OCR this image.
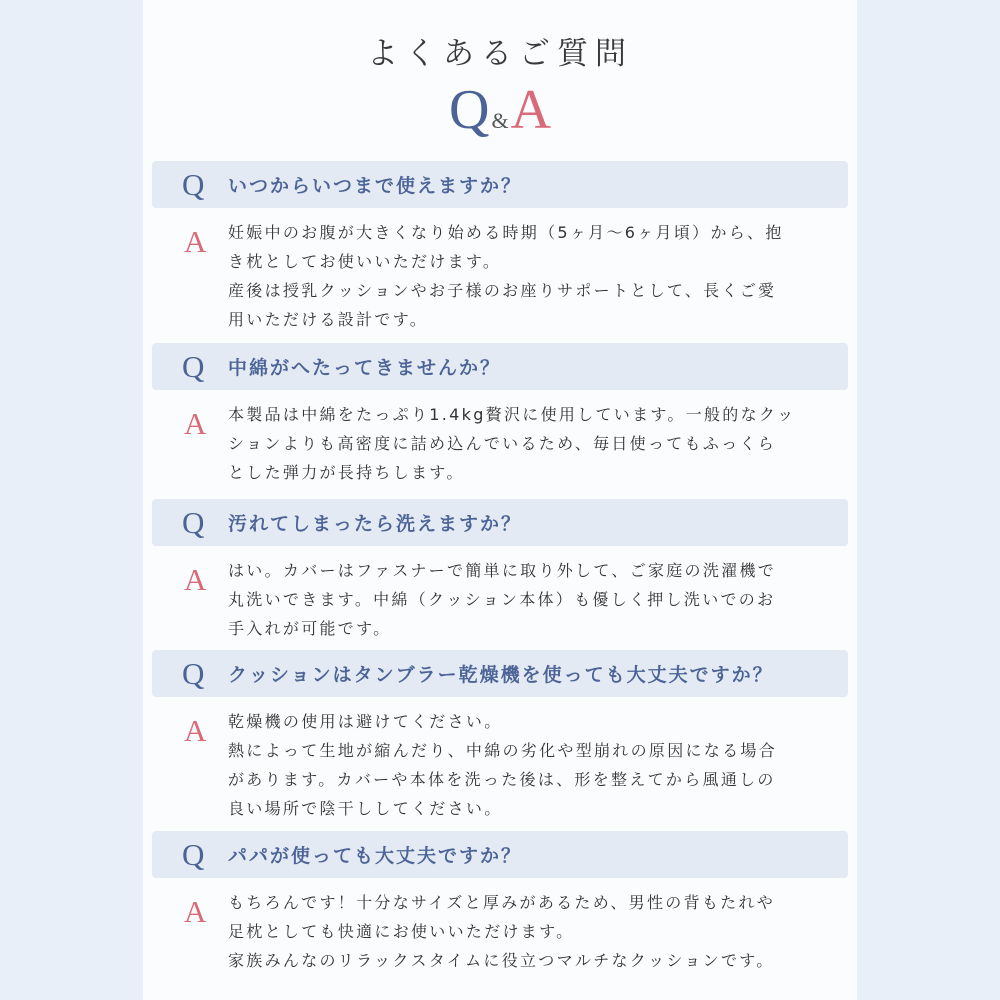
よくあるご質問
Q&A
Q	いつからいつまで使えますか？
A	妊娠中のお腹が大きくなり始める時期（5ヶ月～6ヶ月頃）から、抱
き枕としてお使いいただけます。
産後は授乳クッションやお子様のお座りサポートとして、長くご愛
用いただける設計です。
Q	中綿がへたってきませんか？
A	本製品は中綿をたっぷり1.4kg贅沢に使用しています。一般的なクッ
ションよりも高密度に詰め込んでいるため、毎日使ってもふっくら
とした弾力が長持ちします。
Q	汚れてしまったら洗えますか？
A	はい。カバーはファスナーで簡単に取り外して、ご家庭の洗濯機で
丸洗いできます。中綿（クッション本体）も優しく押し洗いでのお
手入れが可能です。
Q	クッションはタンブラー乾燥機を使っても大丈夫ですか？
A	乾燥機の使用は避けてください。
熱によって生地が縮んだり、中綿の劣化や型崩れの原因になる場合
があります。カバーや本体を洗った後は、形を整えてから風通しの
良い場所で陰干ししてください。
Q	パパが使っても大丈夫ですか？
A	もちろんです！十分なサイズと厚みがあるため、男性の背もたれや
足枕としても快適にお使いいただけます。
家族みんなのリラックスタイムに役立つマルチなクッションです。
